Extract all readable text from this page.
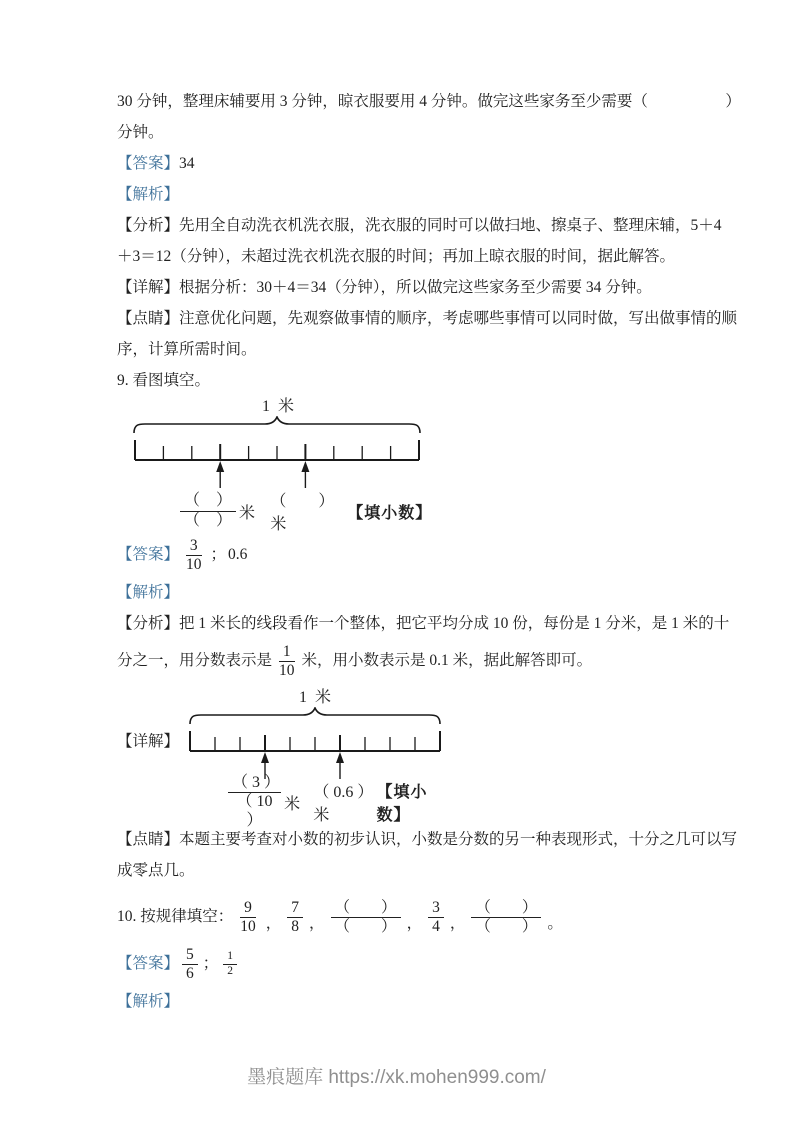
30 分钟，整理床辅要用 3 分钟，晾衣服要用 4 分钟。做完这些家务至少需要（　　　　　）

分钟。

【答案】34

【解析】

【分析】先用全自动洗衣机洗衣服，洗衣服的同时可以做扫地、擦桌子、整理床辅，5＋4

＋3＝12（分钟），未超过洗衣机洗衣服的时间；再加上晾衣服的时间，据此解答。

【详解】根据分析：30＋4＝34（分钟），所以做完这些家务至少需要 34 分钟。

【点睛】注意优化问题，先观察做事情的顺序，考虑哪些事情可以同时做，写出做事情的顺

序，计算所需时间。

9. 看图填空。

1 米
$\frac{( )}{( )}$ 米
（　　）米
【填小数】
【答案】 $\frac{3}{10}$ ； 0.6

【解析】

【分析】把 1 米长的线段看作一个整体，把它平均分成 10 份，每份是 1 分米，是 1 米的十

分之一，用分数表示是 $\frac{1}{10}$ 米，用小数表示是 0.1 米，据此解答即可。
【详解】
1 米
$\frac{( 3 )}{( 10 )}$ 米
（ 0.6 ）米
【填小数】

【点睛】本题主要考查对小数的初步认识，小数是分数的另一种表现形式，十分之几可以写

成零点几。

10. 按规律填空： $\frac{9}{10}$ ， $\frac{7}{8}$ ， $\frac{( )}{( )}$ ， $\frac{3}{4}$ ， $\frac{( )}{( )}$ 。
【答案】 $\frac{5}{6}$ ； $\frac{1}{2}$

【解析】

墨痕题库 https://xk.mohen999.com/
